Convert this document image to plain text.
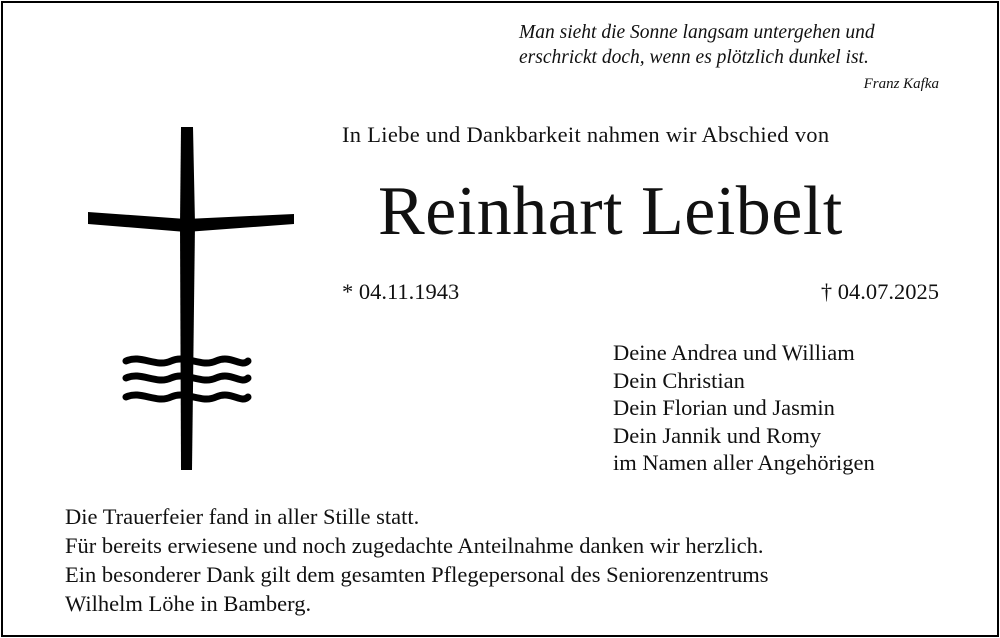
Man sieht die Sonne langsam untergehen und
erschrickt doch, wenn es plötzlich dunkel ist.
Franz Kafka
In Liebe und Dankbarkeit nahmen wir Abschied von
Reinhart Leibelt
* 04.11.1943	† 04.07.2025
Deine Andrea und William
Dein Christian
Dein Florian und Jasmin
Dein Jannik und Romy
im Namen aller Angehörigen
Die Trauerfeier fand in aller Stille statt.
Für bereits erwiesene und noch zugedachte Anteilnahme danken wir herzlich.
Ein besonderer Dank gilt dem gesamten Pflegepersonal des Seniorenzentrums
Wilhelm Löhe in Bamberg.
